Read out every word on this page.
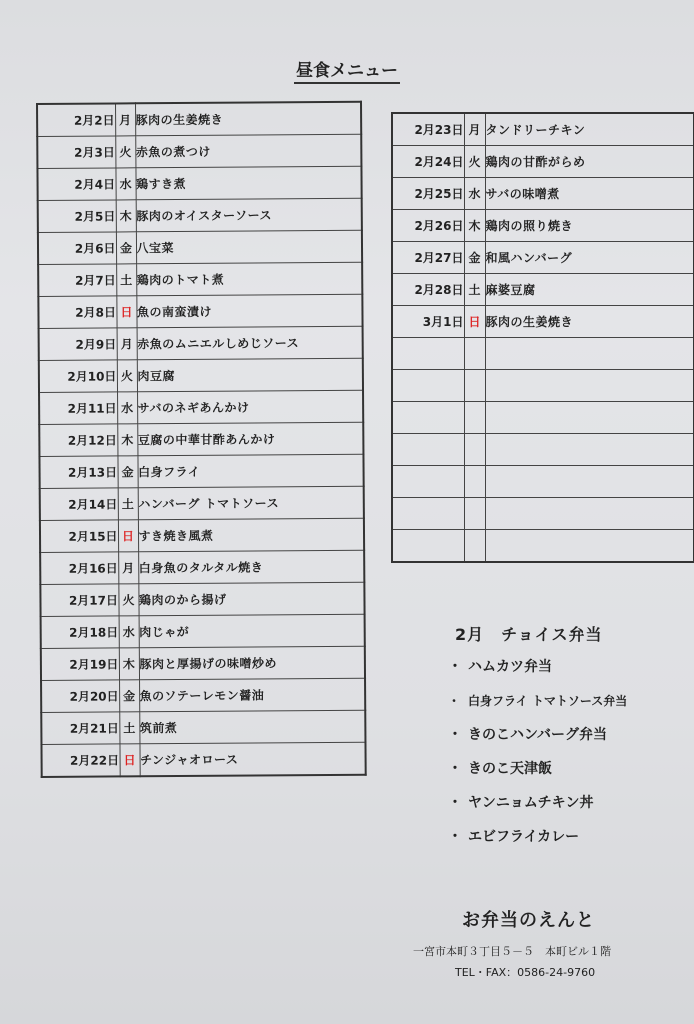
昼食メニュー
2月2日	月	豚肉の生姜焼き
2月3日	火	赤魚の煮つけ
2月4日	水	鶏すき煮
2月5日	木	豚肉のオイスターソース
2月6日	金	八宝菜
2月7日	土	鶏肉のトマト煮
2月8日	日	魚の南蛮漬け
2月9日	月	赤魚のムニエルしめじソース
2月10日	火	肉豆腐
2月11日	水	サバのネギあんかけ
2月12日	木	豆腐の中華甘酢あんかけ
2月13日	金	白身フライ
2月14日	土	ハンバーグ トマトソース
2月15日	日	すき焼き風煮
2月16日	月	白身魚のタルタル焼き
2月17日	火	鶏肉のから揚げ
2月18日	水	肉じゃが
2月19日	木	豚肉と厚揚げの味噌炒め
2月20日	金	魚のソテーレモン醤油
2月21日	土	筑前煮
2月22日	日	チンジャオロース
2月23日	月	タンドリーチキン
2月24日	火	鶏肉の甘酢がらめ
2月25日	水	サバの味噌煮
2月26日	木	鶏肉の照り焼き
2月27日	金	和風ハンバーグ
2月28日	土	麻婆豆腐
3月1日	日	豚肉の生姜焼き

2月　チョイス弁当
・ ハムカツ弁当
・ 白身フライ トマトソース弁当
・ きのこハンバーグ弁当
・ きのこ天津飯
・ ヤンニョムチキン丼
・ エビフライカレー
お弁当のえんと
一宮市本町３丁目５－５　本町ビル１階
TEL・FAX：0586-24-9760
